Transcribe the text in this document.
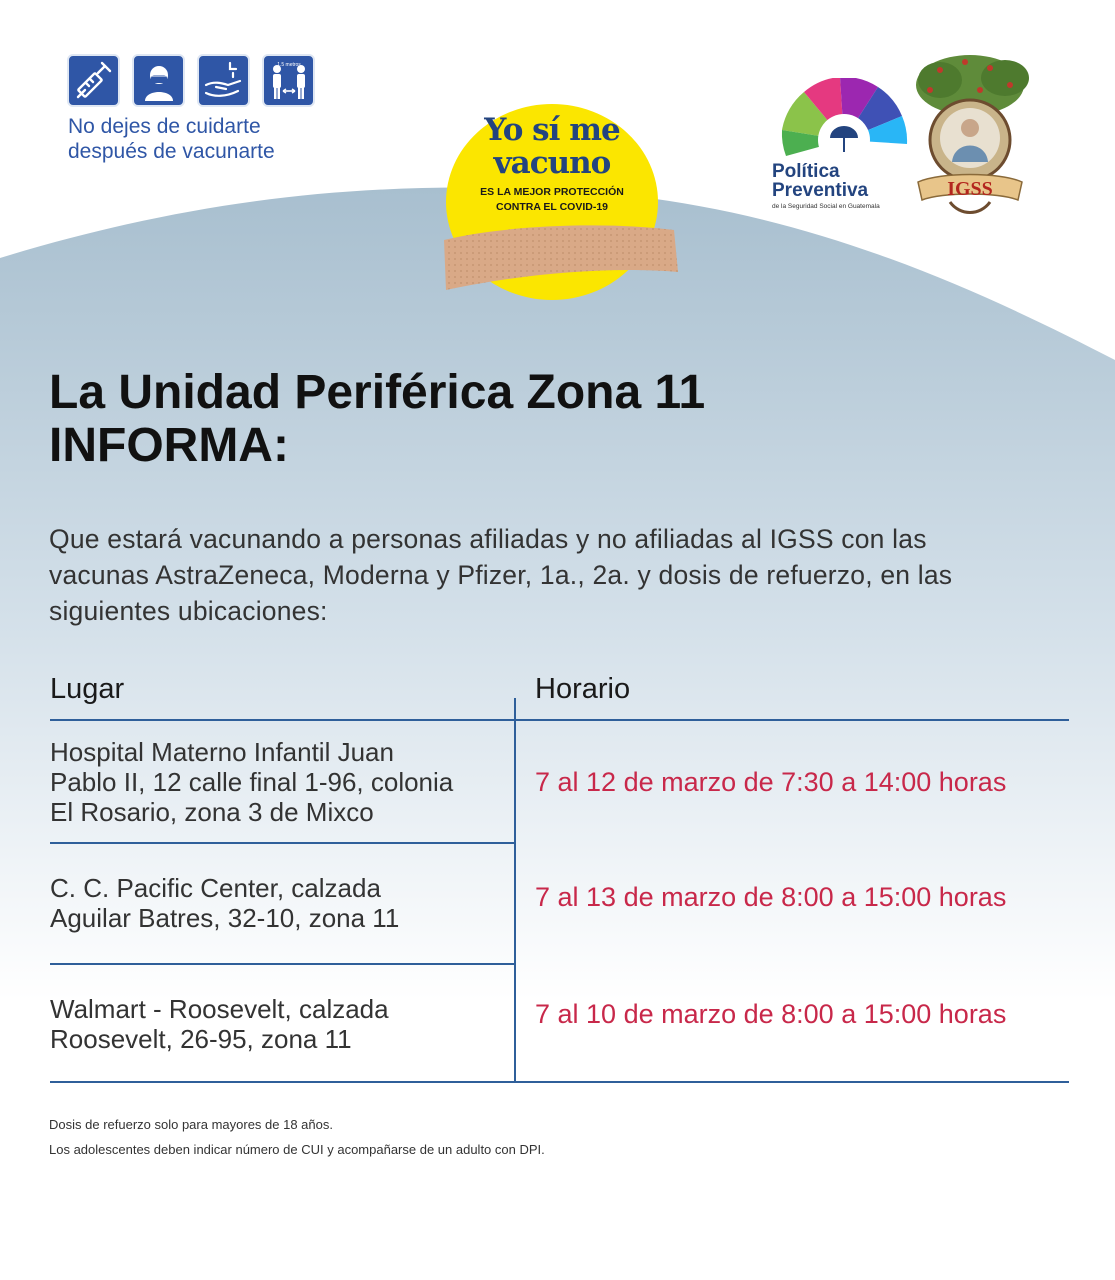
1.5 metros
No dejes de cuidarte
después de vacunarte
Yo sí me
vacuno
ES LA MEJOR PROTECCIÓN
CONTRA EL COVID-19
Política
Preventiva
de la Seguridad Social en Guatemala
IGSS
La Unidad Periférica Zona 11
INFORMA:
Que estará vacunando a personas afiliadas y no afiliadas al IGSS con las
vacunas AstraZeneca, Moderna y Pfizer, 1a., 2a. y dosis de refuerzo, en las
siguientes ubicaciones:
Lugar	Horario
Hospital Materno Infantil Juan
Pablo II, 12 calle final 1-96, colonia
El Rosario, zona 3 de Mixco
7 al 12 de marzo de 7:30 a 14:00 horas
C. C. Pacific Center, calzada
Aguilar Batres, 32-10, zona 11
7 al 13 de marzo de 8:00 a 15:00 horas
Walmart - Roosevelt, calzada
Roosevelt, 26-95, zona 11
7 al 10 de marzo de 8:00 a 15:00 horas
Dosis de refuerzo solo para mayores de 18 años.
Los adolescentes deben indicar número de CUI y acompañarse de un adulto con DPI.
